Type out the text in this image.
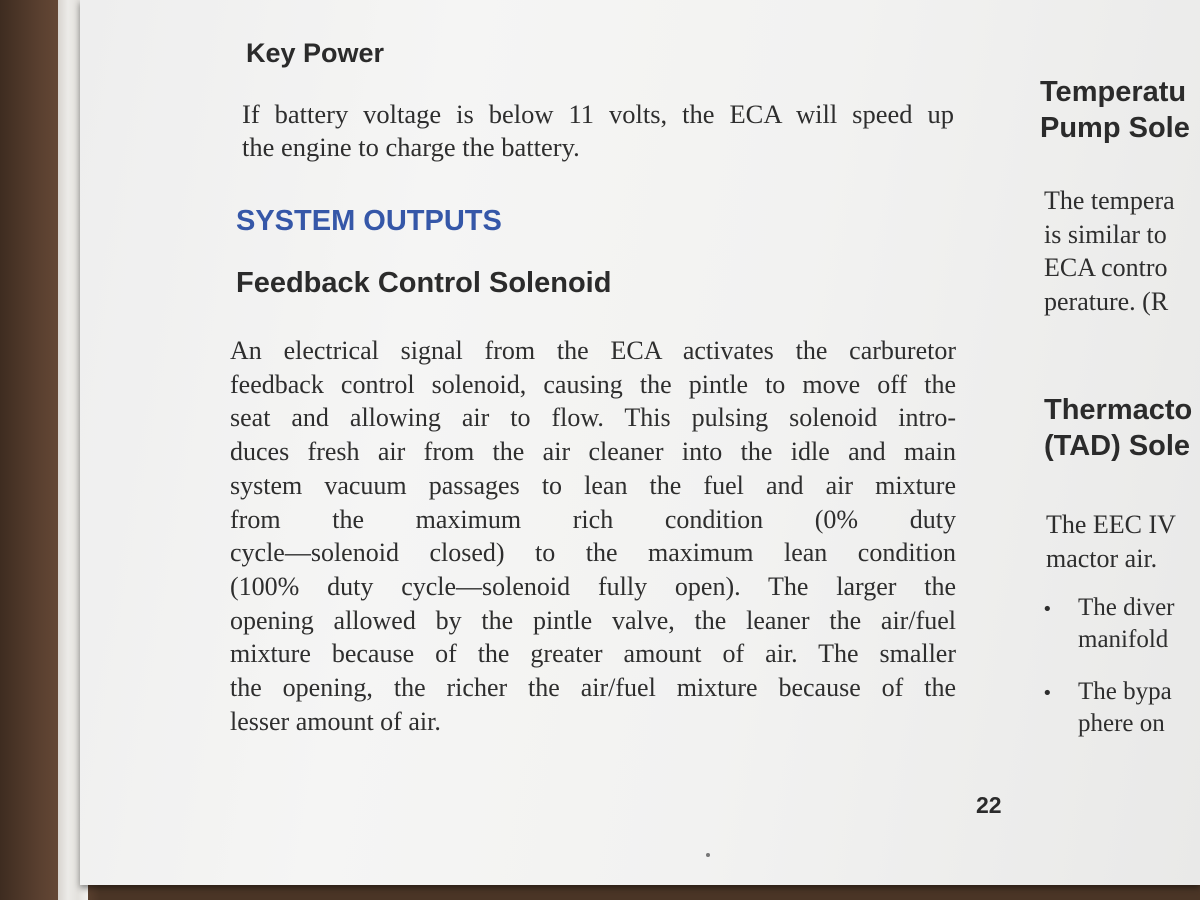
Key Power
If battery voltage is below 11 volts, the ECA will speed up
the engine to charge the battery.
SYSTEM OUTPUTS
Feedback Control Solenoid
An electrical signal from the ECA activates the carburetor
feedback control solenoid, causing the pintle to move off the
seat and allowing air to flow. This pulsing solenoid intro-
duces fresh air from the air cleaner into the idle and main
system vacuum passages to lean the fuel and air mixture
from the maximum rich condition (0% duty
cycle—solenoid closed) to the maximum lean condition
(100% duty cycle—solenoid fully open). The larger the
opening allowed by the pintle valve, the leaner the air/fuel
mixture because of the greater amount of air. The smaller
the opening, the richer the air/fuel mixture because of the
lesser amount of air.

22

Temperatu
Pump Sole
The tempera
is similar to
ECA contro
perature. (R
Thermacto
(TAD) Sole
The EEC IV
mactor air.
•	The diver
manifold
•	The bypa
phere on
